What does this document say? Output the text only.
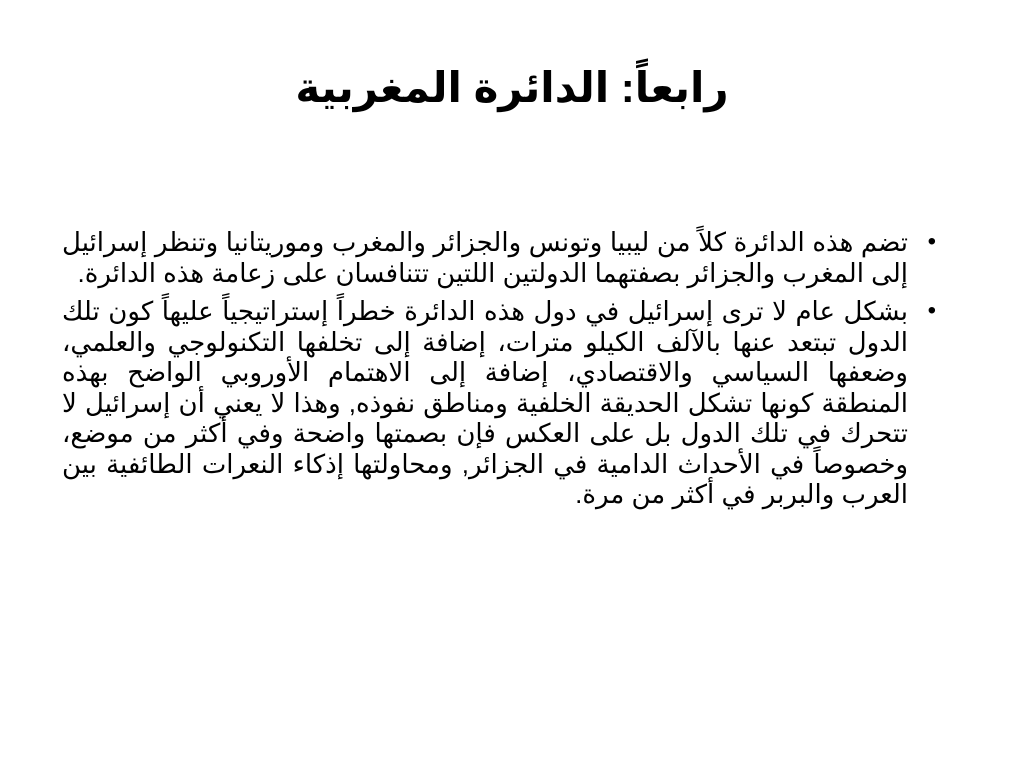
رابعاً: الدائرة المغربية
•
تضم هذه الدائرة كلاً من ليبيا وتونس والجزائر والمغرب وموريتانيا وتنظر إسرائيل إلى المغرب والجزائر بصفتهما الدولتين اللتين تتنافسان على زعامة هذه الدائرة.
•
بشكل عام لا ترى إسرائيل في دول هذه الدائرة خطراً إستراتيجياً عليهاً كون تلك الدول تبتعد عنها بالآلف الكيلو مترات، إضافة إلى تخلفها التكنولوجي والعلمي، وضعفها السياسي والاقتصادي، إضافة إلى الاهتمام الأوروبي الواضح بهذه المنطقة كونها تشكل الحديقة الخلفية ومناطق نفوذه, وهذا لا يعني أن إسرائيل لا تتحرك في تلك الدول بل على العكس فإن بصمتها واضحة وفي أكثر من موضع، وخصوصاً في الأحداث الدامية في الجزائر, ومحاولتها إذكاء النعرات الطائفية بين العرب والبربر في أكثر من مرة.
